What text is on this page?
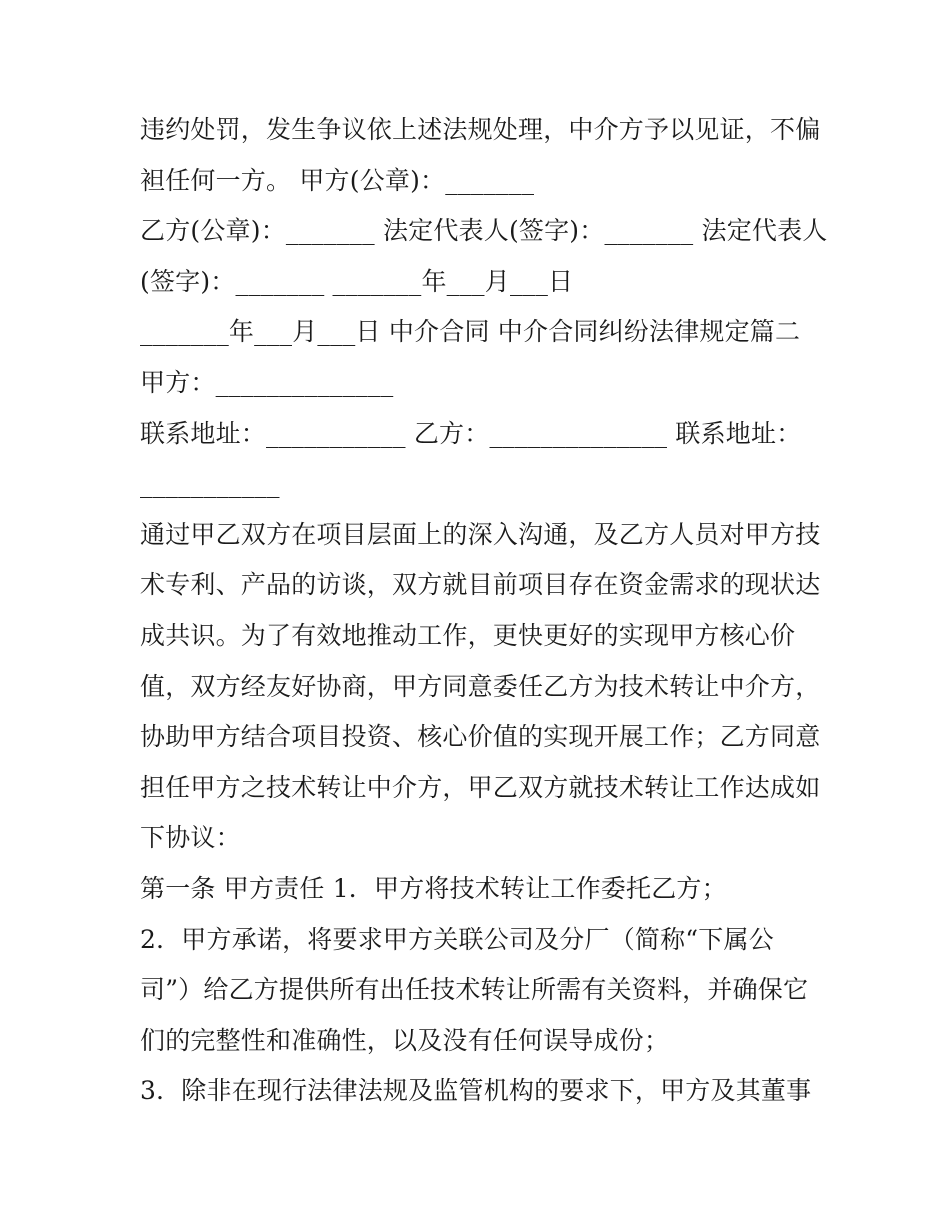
违约处罚，发生争议依上述法规处理，中介方予以见证，不偏
袒任何一方。 甲方(公章)：_______
乙方(公章)：_______ 法定代表人(签字)：_______ 法定代表人
(签字)：_______ _______年___月___日
_______年___月___日 中介合同 中介合同纠纷法律规定篇二
甲方：______________
联系地址：___________ 乙方：______________ 联系地址：
___________
通过甲乙双方在项目层面上的深入沟通，及乙方人员对甲方技
术专利、产品的访谈，双方就目前项目存在资金需求的现状达
成共识。为了有效地推动工作，更快更好的实现甲方核心价
值，双方经友好协商，甲方同意委任乙方为技术转让中介方，
协助甲方结合项目投资、核心价值的实现开展工作；乙方同意
担任甲方之技术转让中介方，甲乙双方就技术转让工作达成如
下协议：
第一条 甲方责任 1．甲方将技术转让工作委托乙方；
2．甲方承诺，将要求甲方关联公司及分厂（简称“下属公
司”）给乙方提供所有出任技术转让所需有关资料，并确保它
们的完整性和准确性，以及没有任何误导成份；
3．除非在现行法律法规及监管机构的要求下，甲方及其董事
